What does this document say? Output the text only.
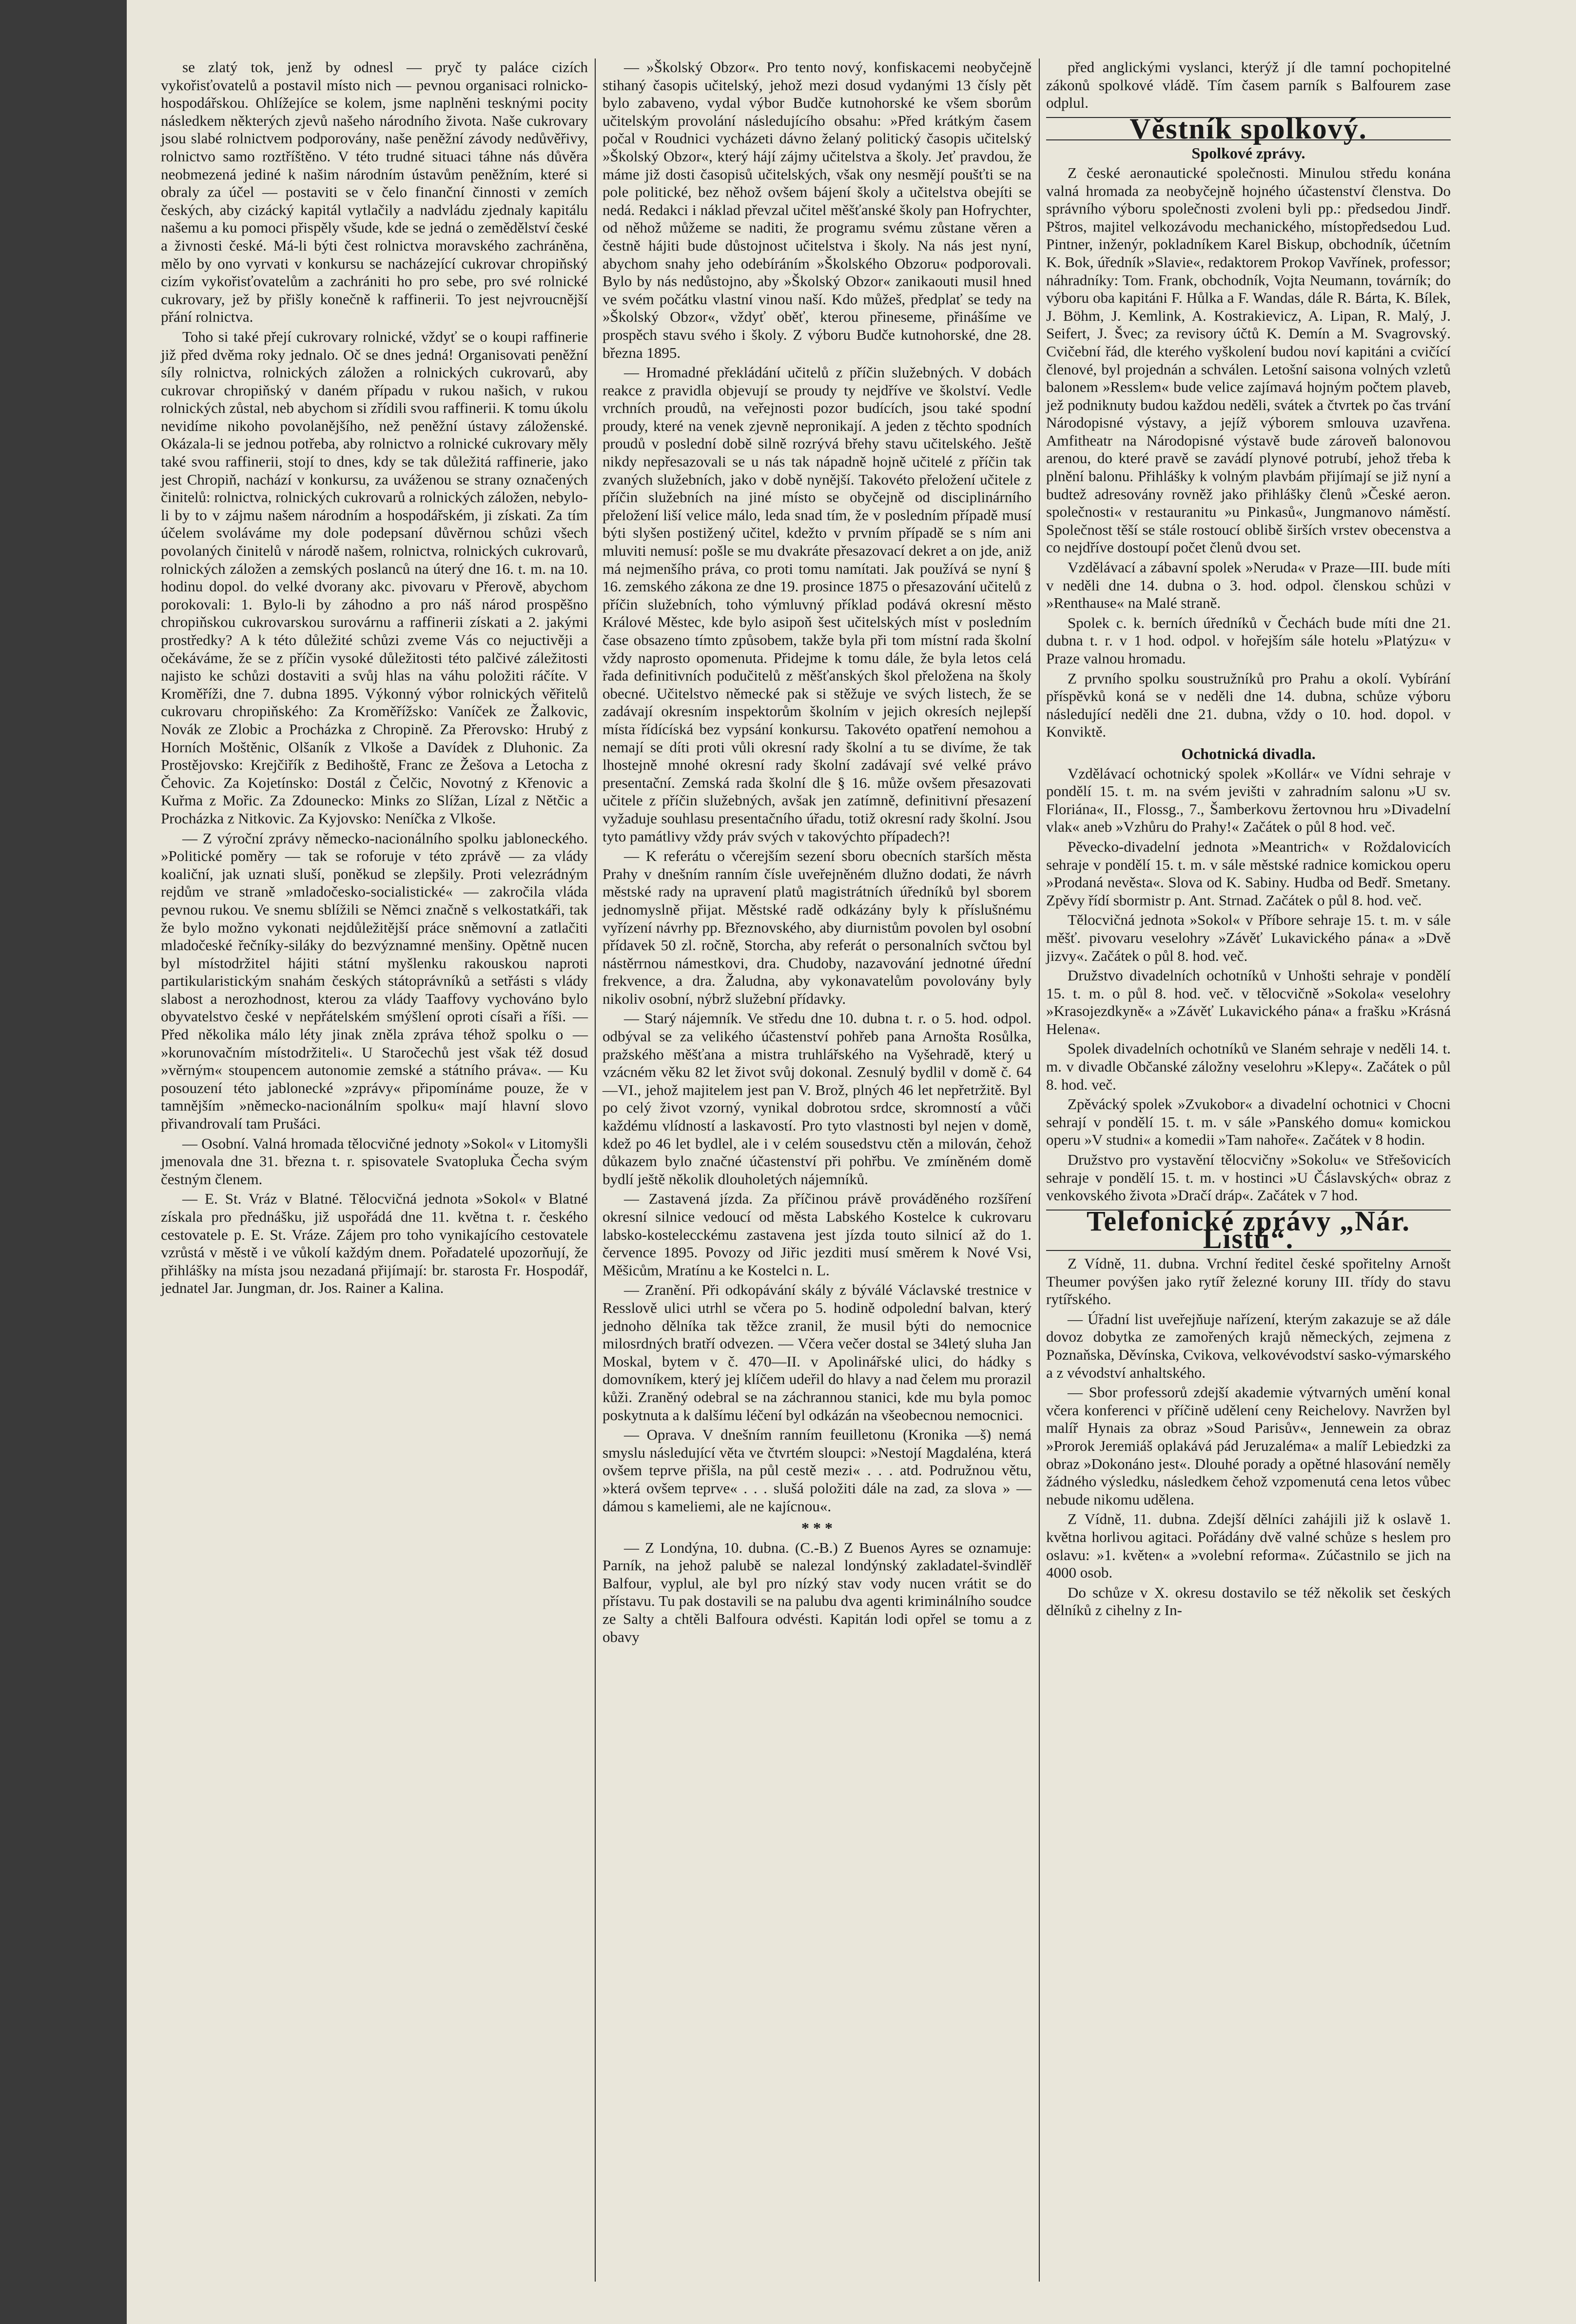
se zlatý tok, jenž by odnesl — pryč ty paláce cizích vykořisťovatelů a postavil místo nich — pevnou organisaci rolnicko-hospodářskou. Ohlížejíce se kolem, jsme naplněni tesknými pocity následkem některých zjevů našeho národního života. Naše cukrovary jsou slabé rolnictvem podporovány, naše peněžní závody nedůvěřivy, rolnictvo samo roztříštěno. V této trudné situaci táhne nás důvěra neobmezená jediné k našim národním ústavům peněžním, které si obraly za účel — postaviti se v čelo finanční činnosti v zemích českých, aby cizácký kapitál vytlačily a nadvládu zjednaly kapitálu našemu a ku pomoci přispěly všude, kde se jedná o zemědělství české a živnosti české. Má-li býti čest rolnictva moravského zachráněna, mělo by ono vyrvati v konkursu se nacházející cukrovar chropiňský cizím vykořisťovatelům a zachrániti ho pro sebe, pro své rolnické cukrovary, jež by přišly konečně k raffinerii. To jest nejvroucnější přání rolnictva.

Toho si také přejí cukrovary rolnické, vždyť se o koupi raffinerie již před dvěma roky jednalo. Oč se dnes jedná! Organisovati peněžní síly rolnictva, rolnických záložen a rolnických cukrovarů, aby cukrovar chropiňský v daném případu v rukou našich, v rukou rolnických zůstal, neb abychom si zřídili svou raffinerii. K tomu úkolu nevidíme nikoho povolanějšího, než peněžní ústavy záloženské. Okázala-li se jednou potřeba, aby rolnictvo a rolnické cukrovary měly také svou raffinerii, stojí to dnes, kdy se tak důležitá raffinerie, jako jest Chropiň, nachází v konkursu, za uváženou se strany označených činitelů: rolnictva, rolnických cukrovarů a rolnických záložen, nebylo-li by to v zájmu našem národním a hospodářském, ji získati. Za tím účelem svoláváme my dole podepsaní důvěrnou schůzi všech povolaných činitelů v národě našem, rolnictva, rolnických cukrovarů, rolnických záložen a zemských poslanců na úterý dne 16. t. m. na 10. hodinu dopol. do velké dvorany akc. pivovaru v Přerově, abychom porokovali: 1. Bylo-li by záhodno a pro náš národ prospěšno chropiňskou cukrovarskou surovárnu a raffinerii získati a 2. jakými prostředky? A k této důležité schůzi zveme Vás co nejuctivěji a očekáváme, že se z příčin vysoké důležitosti této palčivé záležitosti najisto ke schůzi dostaviti a svůj hlas na váhu položiti ráčíte. V Kroměříži, dne 7. dubna 1895. Výkonný výbor rolnických věřitelů cukrovaru chropiňského: Za Kroměřížsko: Vaníček ze Žalkovic, Novák ze Zlobic a Procházka z Chropině. Za Přerovsko: Hrubý z Horních Moštěnic, Olšaník z Vlkoše a Davídek z Dluhonic. Za Prostějovsko: Krejčiřík z Bedihoště, Franc ze Žešova a Letocha z Čehovic. Za Kojetínsko: Dostál z Čelčic, Novotný z Křenovic a Kuřma z Mořic. Za Zdounecko: Minks zo Slížan, Lízal z Nětčic a Procházka z Nitkovic. Za Kyjovsko: Neníčka z Vlkoše.

— Z výroční zprávy německo-nacionálního spolku jabloneckého. »Politické poměry — tak se roforuje v této zprávě — za vlády koaliční, jak uznati sluší, poněkud se zlepšily. Proti velezrádným rejdům ve straně »mladočesko-socialistické« — zakročila vláda pevnou rukou. Ve snemu sblížili se Němci značně s velkostatkáři, tak že bylo možno vykonati nejdůležitější práce sněmovní a zatlačiti mladočeské řečníky-siláky do bezvýznamné menšiny. Opětně nucen byl místodržitel hájiti státní myšlenku rakouskou naproti partikularistickým snahám českých státoprávníků a setřásti s vlády slabost a nerozhodnost, kterou za vlády Taaffovy vychováno bylo obyvatelstvo české v nepřátelském smýšlení oproti císaři a říši. — Před několika málo léty jinak zněla zpráva téhož spolku o — »korunovačním místodržiteli«. U Staročechů jest však též dosud »věrným« stoupencem autonomie zemské a státního práva«. — Ku posouzení této jablonecké »zprávy« připomínáme pouze, že v tamnějším »německo-nacionálním spolku« mají hlavní slovo přivandrovalí tam Prušáci.

— Osobní. Valná hromada tělocvičné jednoty »Sokol« v Litomyšli jmenovala dne 31. března t. r. spisovatele Svatopluka Čecha svým čestným členem.

— E. St. Vráz v Blatné. Tělocvičná jednota »Sokol« v Blatné získala pro přednášku, již uspořádá dne 11. května t. r. českého cestovatele p. E. St. Vráze. Zájem pro toho vynikajícího cestovatele vzrůstá v městě i ve vůkolí každým dnem. Pořadatelé upozorňují, že přihlášky na místa jsou nezadaná přijímají: br. starosta Fr. Hospodář, jednatel Jar. Jungman, dr. Jos. Rainer a Kalina.

— »Školský Obzor«. Pro tento nový, konfiskacemi neobyčejně stihaný časopis učitelský, jehož mezi dosud vydanými 13 čísly pět bylo zabaveno, vydal výbor Budče kutnohorské ke všem sborům učitelským provolání následujícího obsahu: »Před krátkým časem počal v Roudnici vycházeti dávno želaný politický časopis učitelský »Školský Obzor«, který hájí zájmy učitelstva a školy. Jeť pravdou, že máme již dosti časopisů učitelských, však ony nesmějí poušťti se na pole politické, bez něhož ovšem bájení školy a učitelstva obejíti se nedá. Redakci i náklad převzal učitel měšťanské školy pan Hofrychter, od něhož můžeme se naditi, že programu svému zůstane věren a čestně hájiti bude důstojnost učitelstva i školy. Na nás jest nyní, abychom snahy jeho odebíráním »Školského Obzoru« podporovali. Bylo by nás nedůstojno, aby »Školský Obzor« zanikaouti musil hned ve svém počátku vlastní vinou naší. Kdo můžeš, předplať se tedy na »Školský Obzor«, vždyť oběť, kterou přineseme, přinášíme ve prospěch stavu svého i školy. Z výboru Budče kutnohorské, dne 28. března 1895.

— Hromadné překládání učitelů z příčin služebných. V dobách reakce z pravidla objevují se proudy ty nejdříve ve školství. Vedle vrchních proudů, na veřejnosti pozor budících, jsou také spodní proudy, které na venek zjevně nepronikají. A jeden z těchto spodních proudů v poslední době silně rozrývá břehy stavu učitelského. Ještě nikdy nepřesazovali se u nás tak nápadně hojně učitelé z příčin tak zvaných služebních, jako v době nynější. Takovéto přeložení učitele z příčin služebních na jiné místo se obyčejně od disciplinárního přeložení liší velice málo, leda snad tím, že v posledním případě musí býti slyšen postižený učitel, kdežto v prvním případě se s ním ani mluviti nemusí: pošle se mu dvakráte přesazovací dekret a on jde, aniž má nejmenšího práva, co proti tomu namítati. Jak používá se nyní § 16. zemského zákona ze dne 19. prosince 1875 o přesazování učitelů z příčin služebních, toho výmluvný příklad podává okresní město Králové Městec, kde bylo asipoň šest učitelských míst v posledním čase obsazeno tímto způsobem, takže byla při tom místní rada školní vždy naprosto opomenuta. Přidejme k tomu dále, že byla letos celá řada definitivních podučitelů z měšťanských škol přeložena na školy obecné. Učitelstvo německé pak si stěžuje ve svých listech, že se zadávají okresním inspektorům školním v jejich okresích nejlepší místa řídícíská bez vypsání konkursu. Takovéto opatření nemohou a nemají se díti proti vůli okresní rady školní a tu se divíme, že tak lhostejně mnohé okresní rady školní zadávají své velké právo presentační. Zemská rada školní dle § 16. může ovšem přesazovati učitele z příčin služebných, avšak jen zatímně, definitivní přesazení vyžaduje souhlasu presentačního úřadu, totiž okresní rady školní. Jsou tyto památlivy vždy práv svých v takovýchto případech?!

— K referátu o včerejším sezení sboru obecních starších města Prahy v dnešním ranním čísle uveřejněném dlužno dodati, že návrh městské rady na upravení platů magistrátních úředníků byl sborem jednomyslně přijat. Městské radě odkázány byly k příslušnému vyřízení návrhy pp. Březnovského, aby diurnistům povolen byl osobní přídavek 50 zl. ročně, Storcha, aby referát o personalních svčtou byl nástěrrnou námestkovi, dra. Chudoby, nazavování jednotné úřední frekvence, a dra. Žaludna, aby vykonavatelům povolovány byly nikoliv osobní, nýbrž služební přídavky.

— Starý nájemník. Ve středu dne 10. dubna t. r. o 5. hod. odpol. odbýval se za velikého účastenství pohřeb pana Arnošta Rosůlka, pražského měšťana a mistra truhlářského na Vyšehradě, který u vzácném věku 82 let život svůj dokonal. Zesnulý bydlil v domě č. 64—VI., jehož majitelem jest pan V. Brož, plných 46 let nepřetržitě. Byl po celý život vzorný, vynikal dobrotou srdce, skromností a vůči každému vlídností a laskavostí. Pro tyto vlastnosti byl nejen v domě, kdež po 46 let bydlel, ale i v celém sousedstvu ctěn a milován, čehož důkazem bylo značné účastenství při pohřbu. Ve zmíněném domě bydlí ještě několik dlouholetých nájemníků.

— Zastavená jízda. Za příčinou právě prováděného rozšíření okresní silnice vedoucí od města Labského Kostelce k cukrovaru labsko-kostelecckému zastavena jest jízda touto silnicí až do 1. července 1895. Povozy od Jiřic jezditi musí směrem k Nové Vsi, Měšicům, Mratínu a ke Kostelci n. L.

— Zranění. Při odkopávání skály z býválé Václavské trestnice v Resslově ulici utrhl se včera po 5. hodině odpolední balvan, který jednoho dělníka tak těžce zranil, že musil býti do nemocnice milosrdných bratří odvezen. — Včera večer dostal se 34letý sluha Jan Moskal, bytem v č. 470—II. v Apolinářské ulici, do hádky s domovníkem, který jej klíčem udeřil do hlavy a nad čelem mu prorazil kůži. Zraněný odebral se na záchrannou stanici, kde mu byla pomoc poskytnuta a k dalšímu léčení byl odkázán na všeobecnou nemocnici.

— Oprava. V dnešním ranním feuilletonu (Kronika —š) nemá smyslu následující věta ve čtvrtém sloupci: »Nestojí Magdaléna, která ovšem teprve přišla, na půl cestě mezi« . . . atd. Podružnou větu, »která ovšem teprve« . . . slušá položiti dále na zad, za slova » — dámou s kameliemi, ale ne kajícnou«.

* * *

— Z Londýna, 10. dubna. (C.-B.) Z Buenos Ayres se oznamuje: Parník, na jehož palubě se nalezal londýnský zakladatel-švindlěř Balfour, vyplul, ale byl pro nízký stav vody nucen vrátit se do přístavu. Tu pak dostavili se na palubu dva agenti kriminálního soudce ze Salty a chtěli Balfoura odvésti. Kapitán lodi opřel se tomu a z obavy

před anglickými vyslanci, kterýž jí dle tamní pochopitelné zákonů spolkové vládě. Tím časem parník s Balfourem zase odplul.

Věstník spolkový.
Spolkové zprávy.

Z české aeronautické společnosti. Minulou středu konána valná hromada za neobyčejně hojného účastenství členstva. Do správního výboru společnosti zvoleni byli pp.: předsedou Jindř. Pštros, majitel velkozávodu mechanického, místopředsedou Lud. Pintner, inženýr, pokladníkem Karel Biskup, obchodník, účetním K. Bok, úředník »Slavie«, redaktorem Prokop Vavřínek, professor; náhradníky: Tom. Frank, obchodník, Vojta Neumann, továrník; do výboru oba kapitáni F. Hůlka a F. Wandas, dále R. Bárta, K. Bílek, J. Böhm, J. Kemlink, A. Kostrakievicz, A. Lipan, R. Malý, J. Seifert, J. Švec; za revisory účtů K. Demín a M. Svagrovský. Cvičební řád, dle kterého vyškolení budou noví kapitáni a cvičící členové, byl projednán a schválen. Letošní saisona volných vzletů balonem »Resslem« bude velice zajímavá hojným počtem plaveb, jež podniknuty budou každou neděli, svátek a čtvrtek po čas trvání Národopisné výstavy, a jejíž výborem smlouva uzavřena. Amfitheatr na Národopisné výstavě bude zároveň balonovou arenou, do které pravě se zavádí plynové potrubí, jehož třeba k plnění balonu. Přihlášky k volným plavbám přijímají se již nyní a budtež adresovány rovněž jako přihlášky členů »České aeron. společnosti« v restauranitu »u Pinkasů«, Jungmanovo náměstí. Společnost těší se stále rostoucí oblibě širších vrstev obecenstva a co nejdříve dostoupí počet členů dvou set.

Vzdělávací a zábavní spolek »Neruda« v Praze—III. bude míti v neděli dne 14. dubna o 3. hod. odpol. členskou schůzi v »Renthause« na Malé straně.

Spolek c. k. berních úředníků v Čechách bude míti dne 21. dubna t. r. v 1 hod. odpol. v hořejším sále hotelu »Platýzu« v Praze valnou hromadu.

Z prvního spolku soustružníků pro Prahu a okolí. Vybírání příspěvků koná se v neděli dne 14. dubna, schůze výboru následující neděli dne 21. dubna, vždy o 10. hod. dopol. v Konviktě.

Ochotnická divadla.

Vzdělávací ochotnický spolek »Kollár« ve Vídni sehraje v pondělí 15. t. m. na svém jevišti v zahradním salonu »U sv. Floriána«, II., Flossg., 7., Šamberkovu žertovnou hru »Divadelní vlak« aneb »Vzhůru do Prahy!« Začátek o půl 8 hod. več.

Pěvecko-divadelní jednota »Meantrich« v Roždalovicích sehraje v pondělí 15. t. m. v sále městské radnice komickou operu »Prodaná nevěsta«. Slova od K. Sabiny. Hudba od Bedř. Smetany. Zpěvy řídí sbormistr p. Ant. Strnad. Začátek o půl 8. hod. več.

Tělocvičná jednota »Sokol« v Příbore sehraje 15. t. m. v sále měšť. pivovaru veselohry »Závěť Lukavického pána« a »Dvě jizvy«. Začátek o půl 8. hod. več.

Družstvo divadelních ochotníků v Unhošti sehraje v pondělí 15. t. m. o půl 8. hod. več. v tělocvičně »Sokola« veselohry »Krasojezdkyně« a »Závěť Lukavického pána« a frašku »Krásná Helena«.

Spolek divadelních ochotníků ve Slaném sehraje v neděli 14. t. m. v divadle Občanské záložny veselohru »Klepy«. Začátek o půl 8. hod. več.

Zpěvácký spolek »Zvukobor« a divadelní ochotnici v Chocni sehrají v pondělí 15. t. m. v sále »Panského domu« komickou operu »V studni« a komedii »Tam nahoře«. Začátek v 8 hodin.

Družstvo pro vystavění tělocvičny »Sokolu« ve Střešovicích sehraje v pondělí 15. t. m. v hostinci »U Čáslavských« obraz z venkovského života »Dračí dráp«. Začátek v 7 hod.

Telefonické zprávy „Nár. Listů“.

Z Vídně, 11. dubna. Vrchní ředitel české spořitelny Arnošt Theumer povýšen jako rytíř železné koruny III. třídy do stavu rytířského.

— Úřadní list uveřejňuje nařízení, kterým zakazuje se až dále dovoz dobytka ze zamořených krajů německých, zejmena z Poznaňska, Děvínska, Cvikova, velkovévodství sasko-výmarského a z vévodství anhaltského.

— Sbor professorů zdejší akademie výtvarných umění konal včera konferenci v příčině udělení ceny Reichelovy. Navržen byl malíř Hynais za obraz »Soud Parisův«, Jennewein za obraz »Prorok Jeremiáš oplakává pád Jeruzaléma« a malíř Lebiedzki za obraz »Dokonáno jest«. Dlouhé porady a opětné hlasování neměly žádného výsledku, následkem čehož vzpomenutá cena letos vůbec nebude nikomu udělena.

Z Vídně, 11. dubna. Zdejší dělníci zahájili již k oslavě 1. května horlivou agitaci. Pořádány dvě valné schůze s heslem pro oslavu: »1. květen« a »volební reforma«. Zúčastnilo se jich na 4000 osob.

Do schůze v X. okresu dostavilo se též několik set českých dělníků z cihelny z In-
